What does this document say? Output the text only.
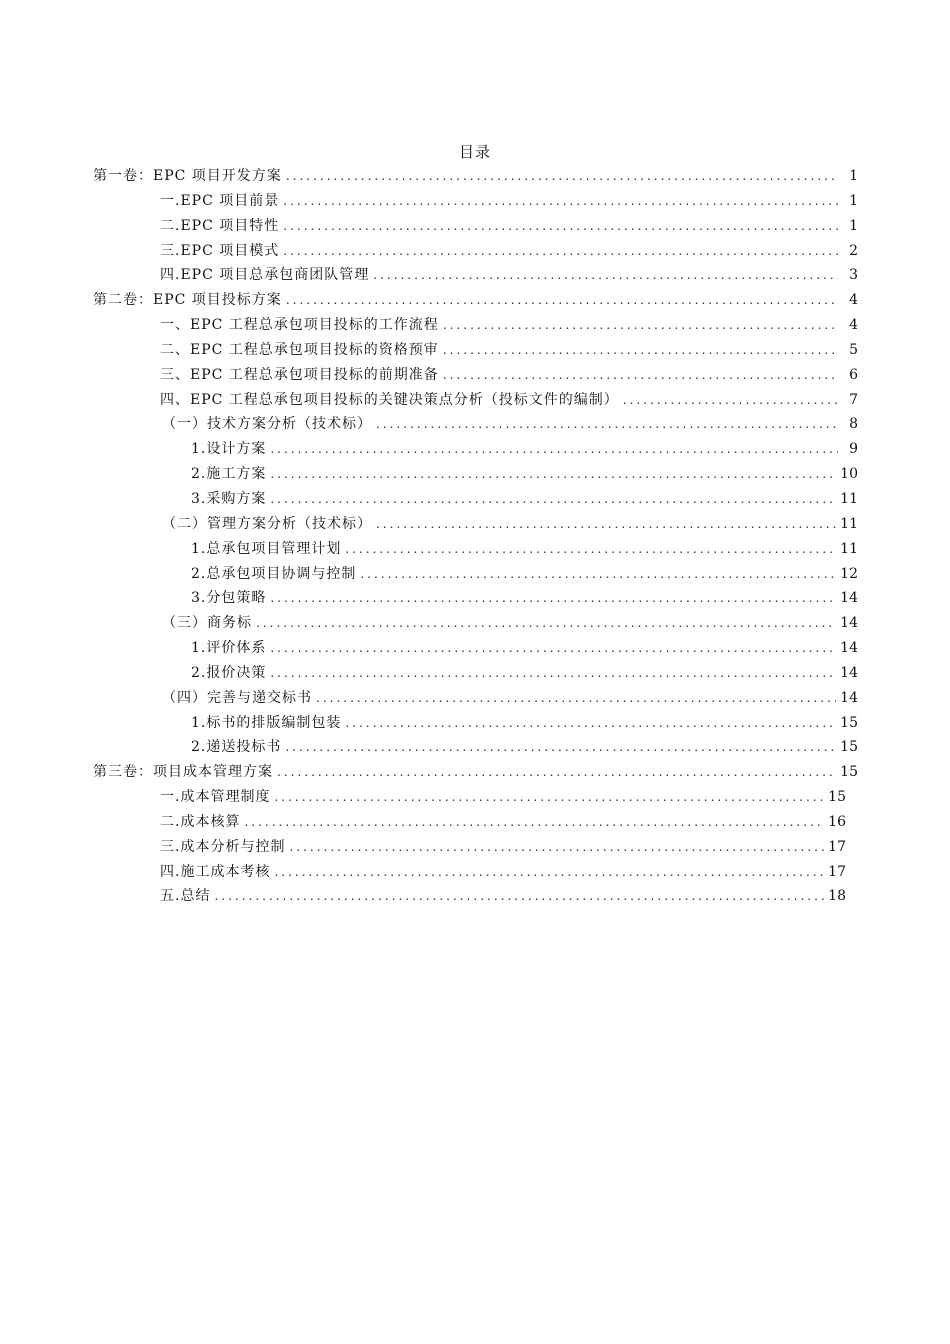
目录
第一卷：EPC 项目开发方案 .....	1
一.EPC 项目前景 .....	1
二.EPC 项目特性 .....	1
三.EPC 项目模式 .....	2
四.EPC 项目总承包商团队管理 .....	3
第二卷：EPC 项目投标方案 .....	4
一、EPC 工程总承包项目投标的工作流程 .....	4
二、EPC 工程总承包项目投标的资格预审 .....	5
三、EPC 工程总承包项目投标的前期准备 .....	6
四、EPC 工程总承包项目投标的关键决策点分析（投标文件的编制） .....	7
（一）技术方案分析（技术标） .....	8
1.设计方案 .....	9
2.施工方案 .....	10
3.采购方案 .....	11
（二）管理方案分析（技术标） .....	11
1.总承包项目管理计划 .....	11
2.总承包项目协调与控制 .....	12
3.分包策略 .....	14
（三）商务标 .....	14
1.评价体系 .....	14
2.报价决策 .....	14
（四）完善与递交标书 .....	14
1.标书的排版编制包装 .....	15
2.递送投标书 .....	15
第三卷：项目成本管理方案 .....	15
一.成本管理制度 .....	15
二.成本核算 .....	16
三.成本分析与控制 .....	17
四.施工成本考核 .....	17
五.总结 .....	18
